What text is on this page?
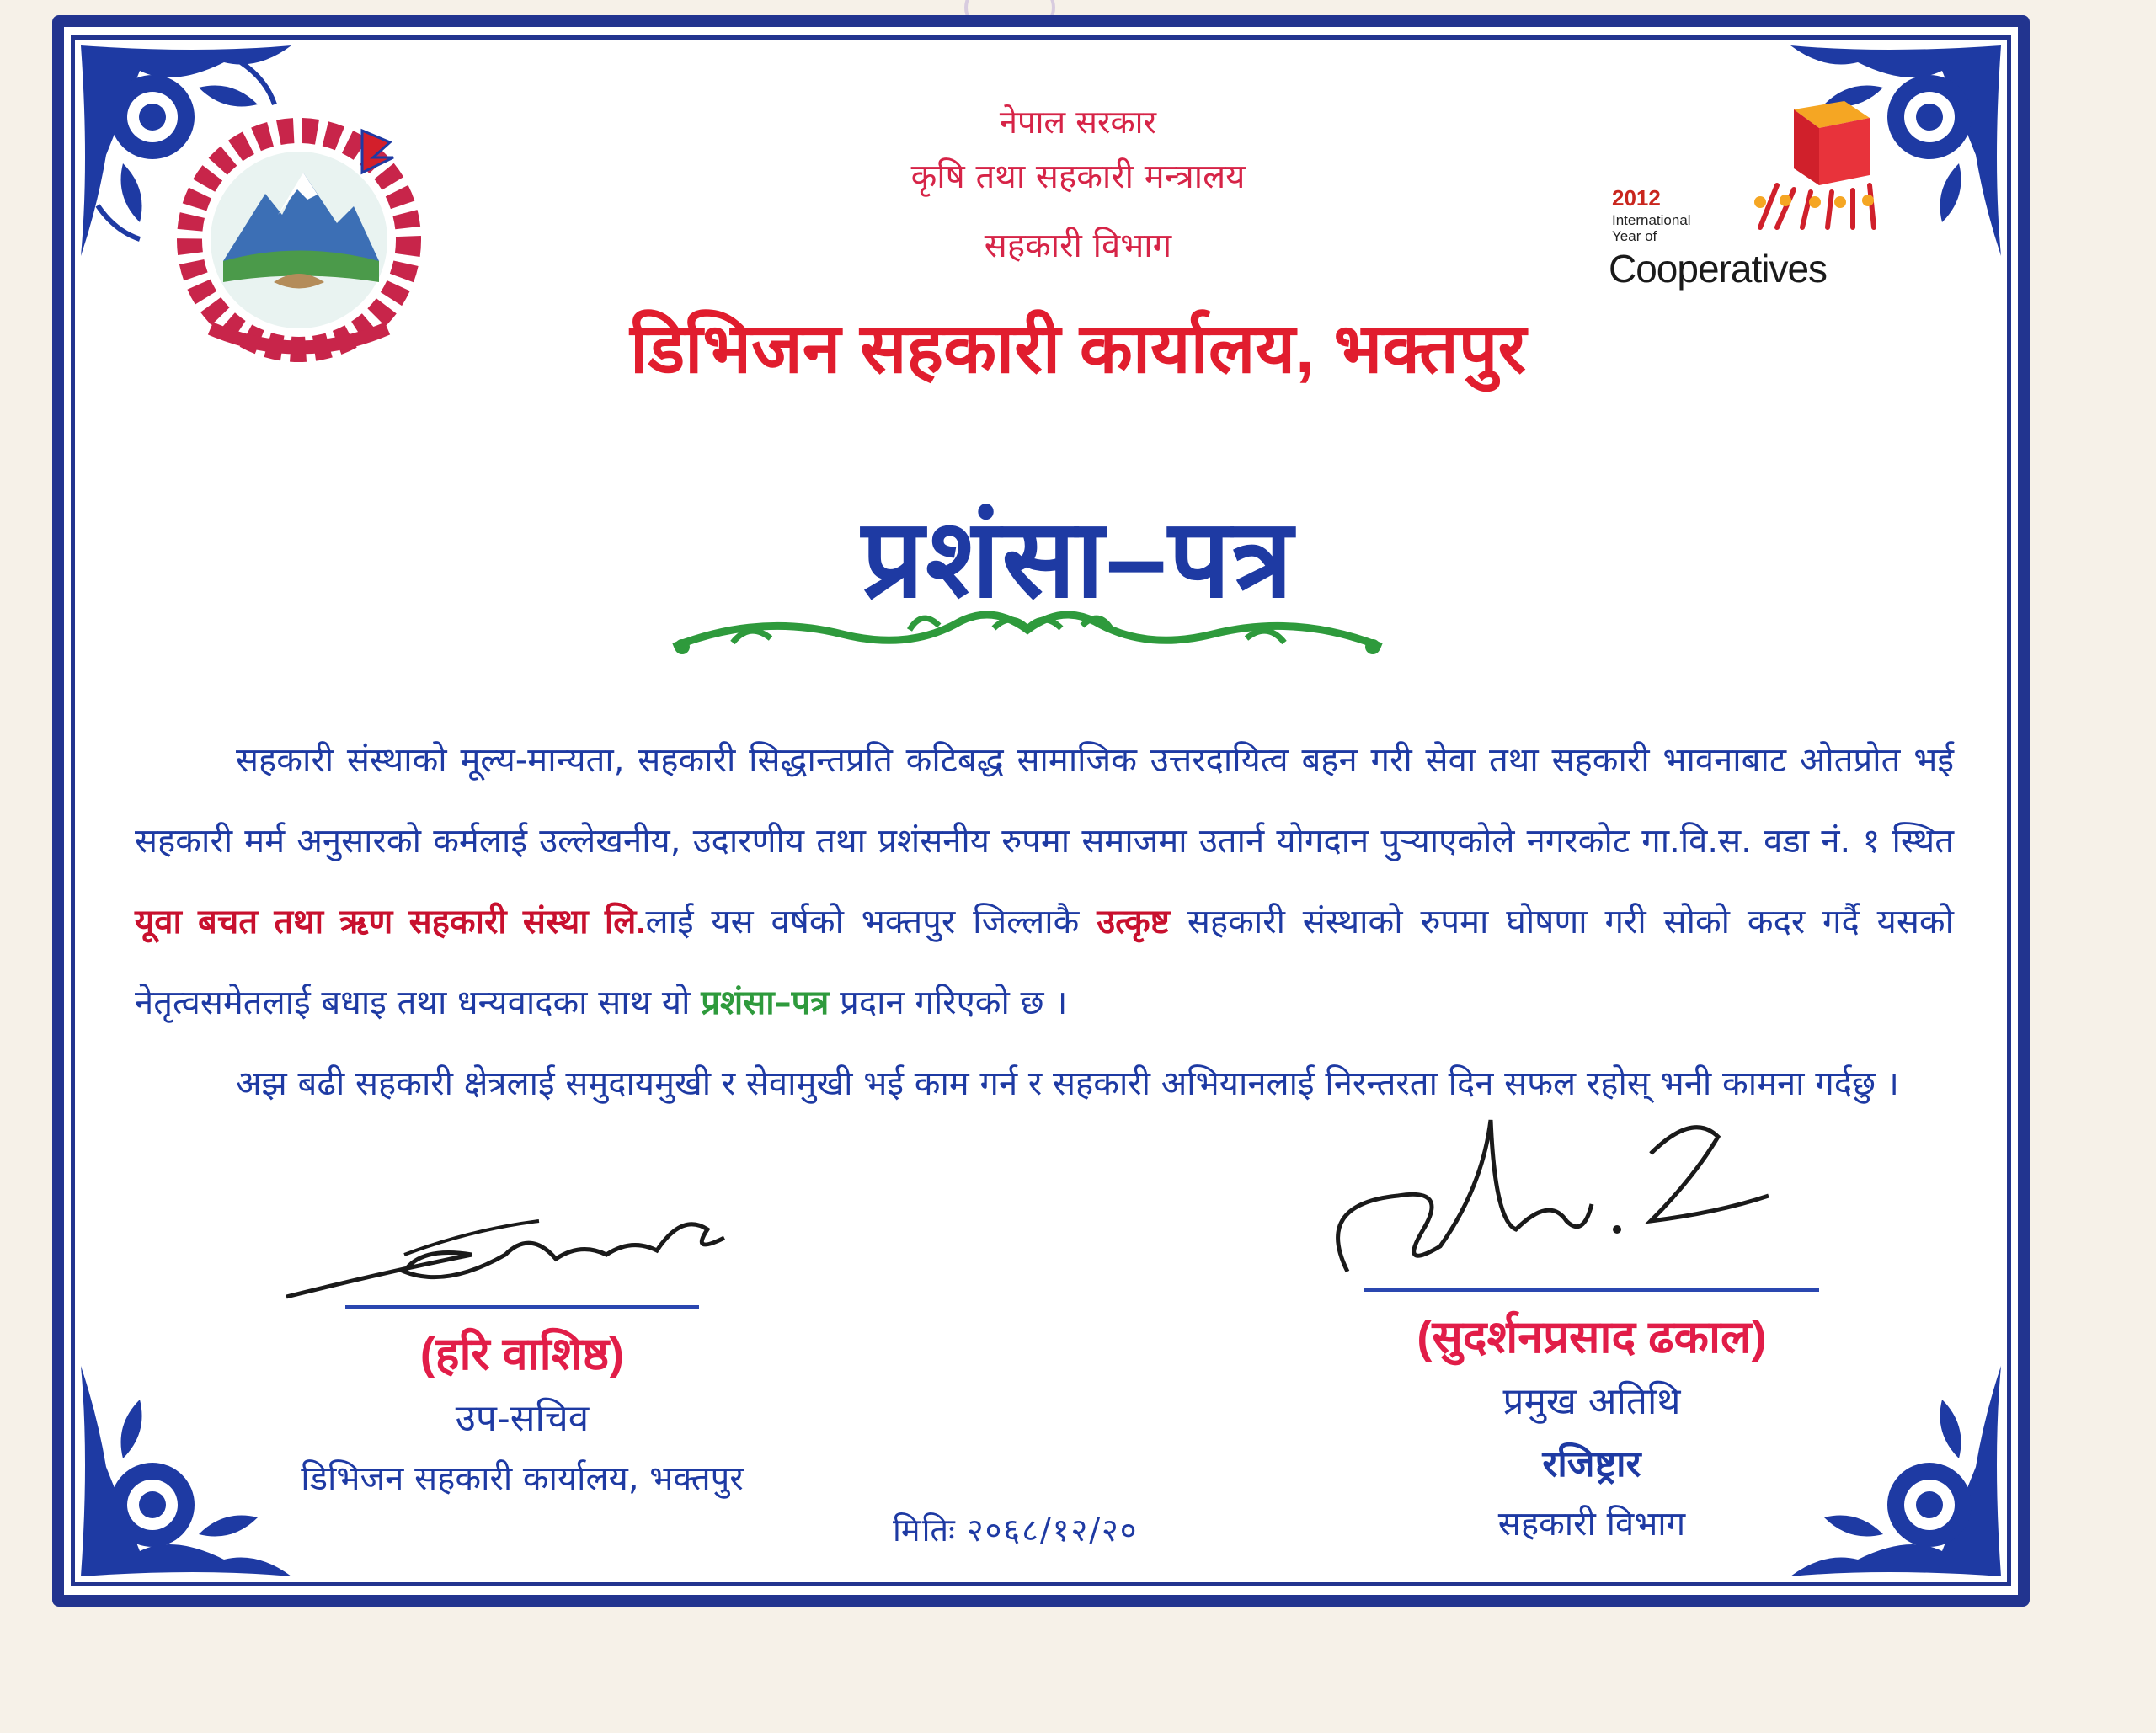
2012
International
Year of
Cooperatives
नेपाल सरकार
कृषि तथा सहकारी मन्त्रालय
सहकारी विभाग
डिभिजन सहकारी कार्यालय, भक्तपुर
प्रशंसा–पत्र

सहकारी संस्थाको मूल्य-मान्यता, सहकारी सिद्धान्तप्रति कटिबद्ध सामाजिक उत्तरदायित्व बहन गरी सेवा तथा सहकारी भावनाबाट ओतप्रोत भई सहकारी मर्म अनुसारको कर्मलाई उल्लेखनीय, उदारणीय तथा प्रशंसनीय रुपमा समाजमा उतार्न योगदान पुऱ्याएकोले नगरकोट गा.वि.स. वडा नं. १ स्थित यूवा बचत तथा ऋण सहकारी संस्था लि.लाई यस वर्षको भक्तपुर जिल्लाकै उत्कृष्ट सहकारी संस्थाको रुपमा घोषणा गरी सोको कदर गर्दै यसको नेतृत्वसमेतलाई बधाइ तथा धन्यवादका साथ यो प्रशंसा–पत्र प्रदान गरिएको छ ।

अझ बढी सहकारी क्षेत्रलाई समुदायमुखी र सेवामुखी भई काम गर्न र सहकारी अभियानलाई निरन्तरता दिन सफल रहोस् भनी कामना गर्दछु ।

(हरि वाशिष्ठ)
उप-सचिव
डिभिजन सहकारी कार्यालय, भक्तपुर
(सुदर्शनप्रसाद ढकाल)
प्रमुख अतिथि
रजिष्ट्रार
सहकारी विभाग
मितिः २०६८/१२/२०
